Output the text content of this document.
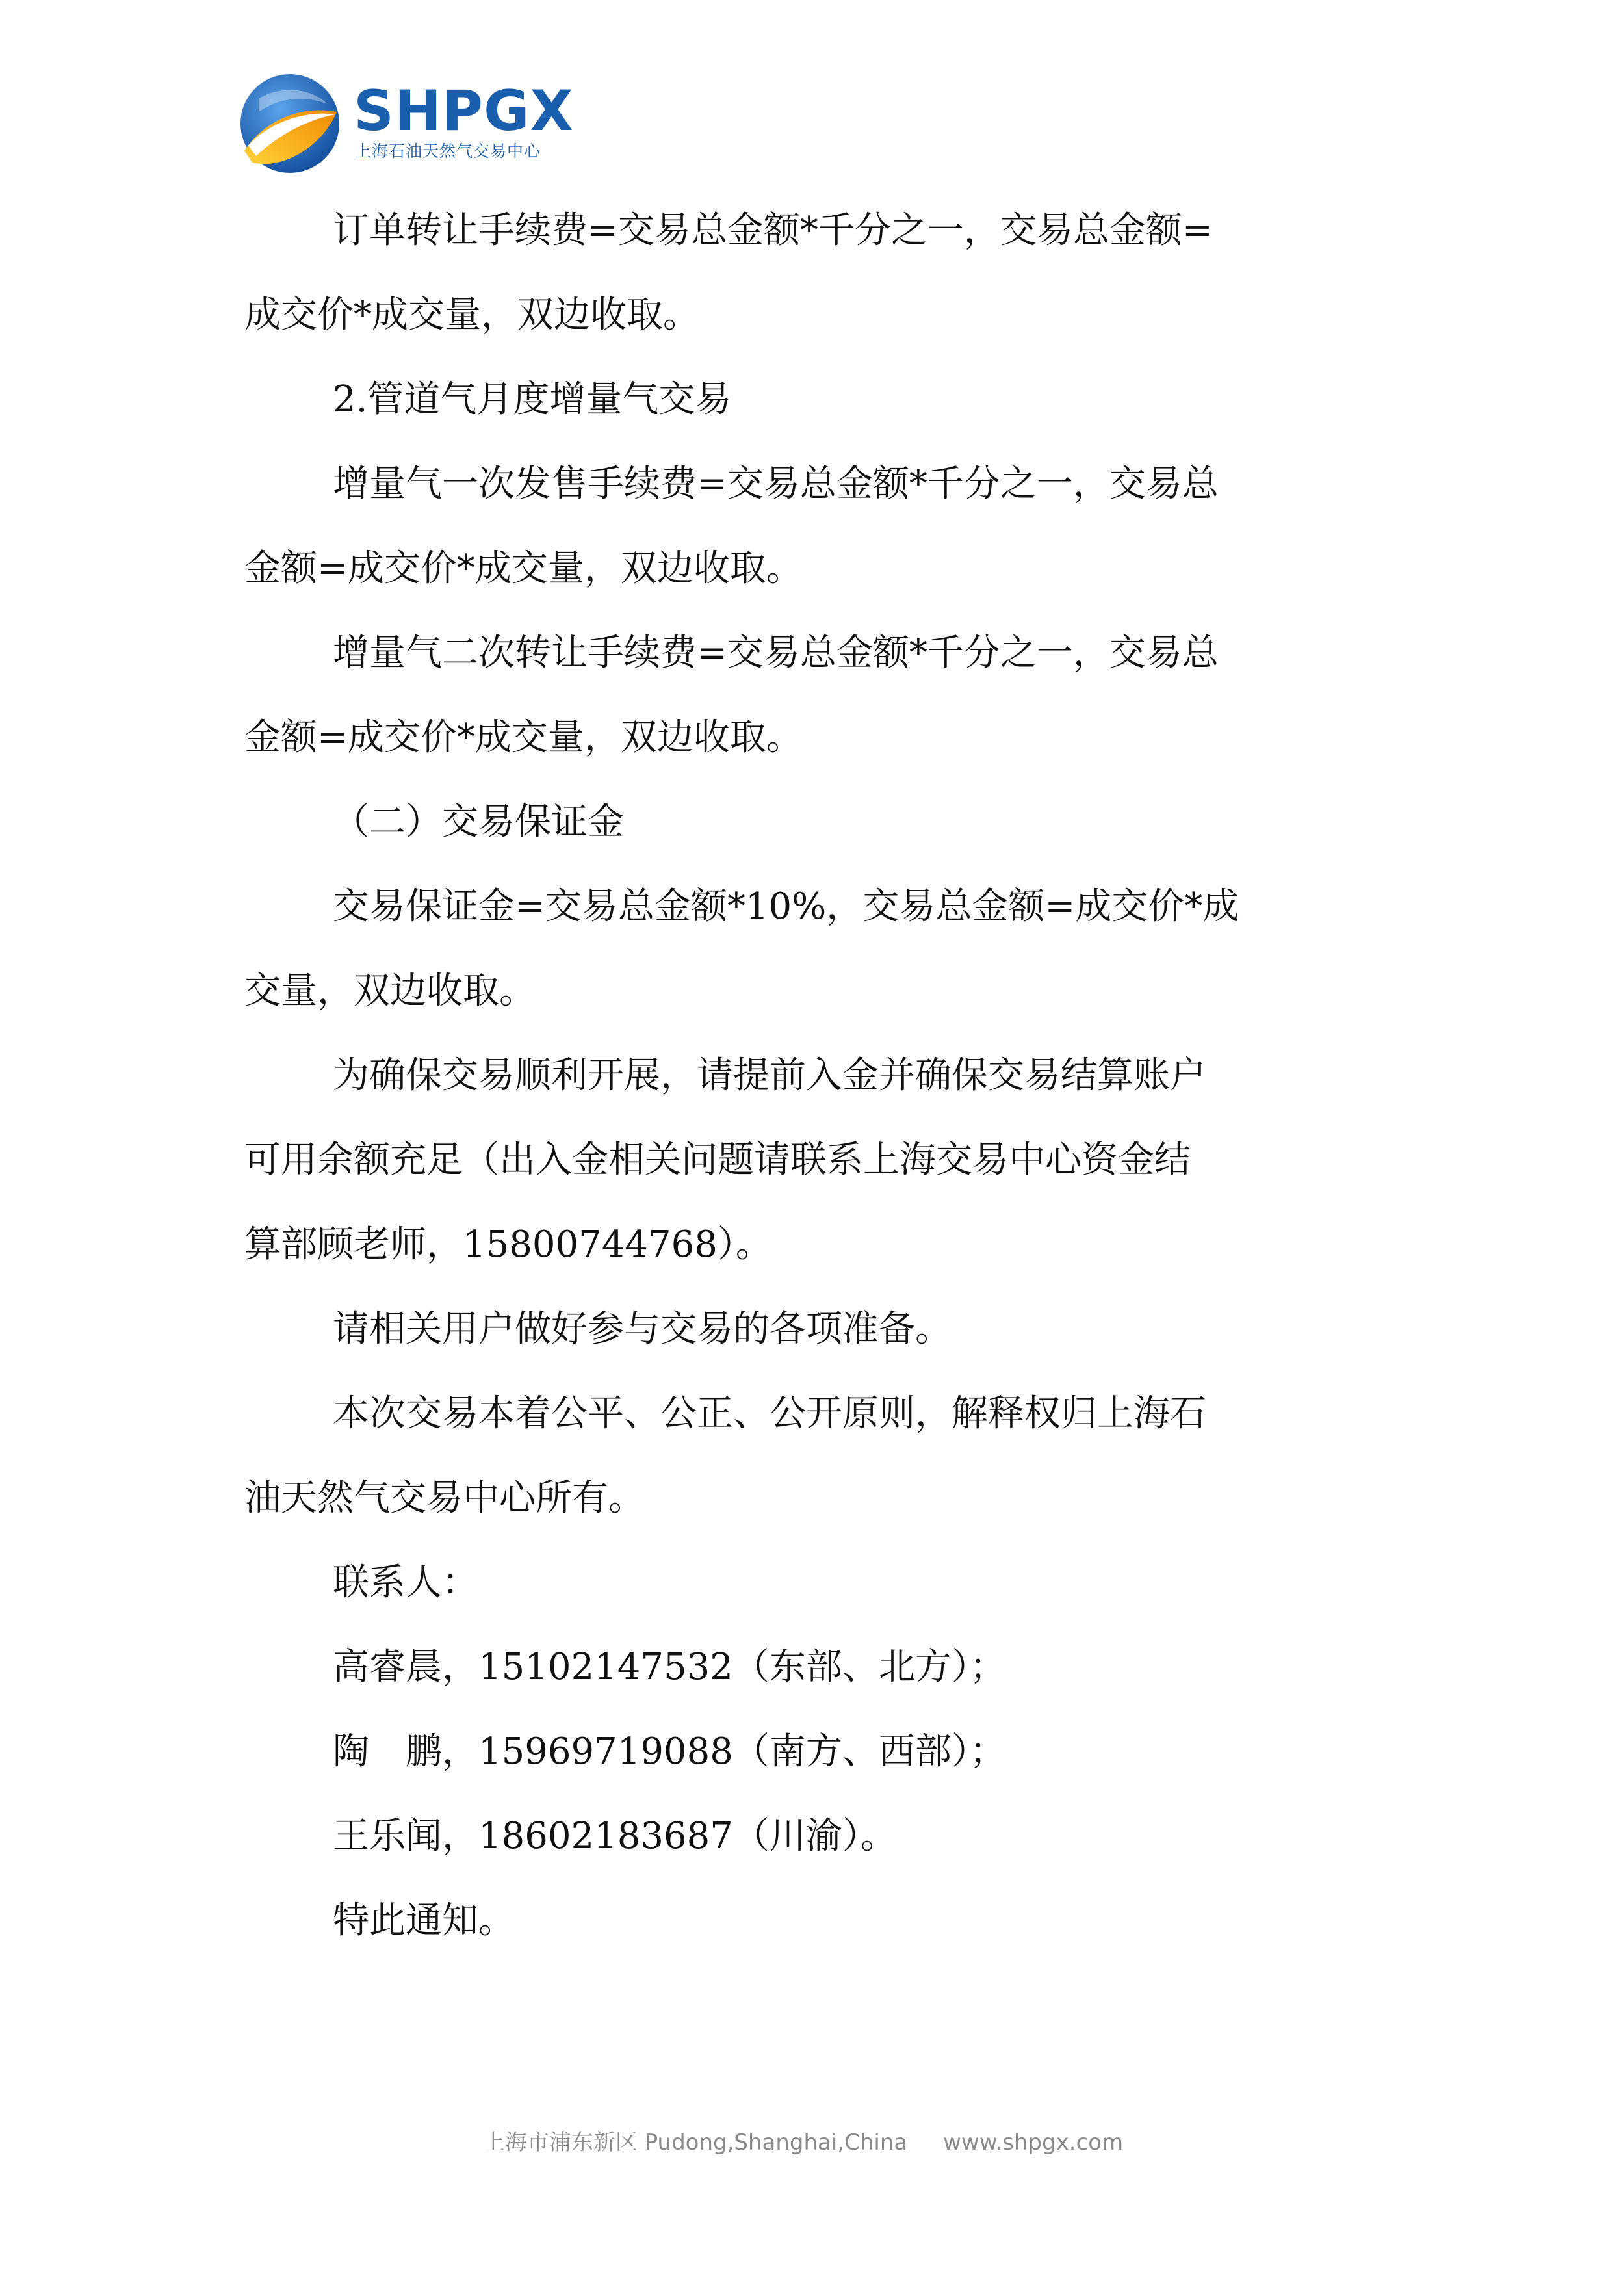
SHPGX
上海石油天然气交易中心

订单转让手续费=交易总金额*千分之一，交易总金额=

成交价*成交量，双边收取。

2.管道气月度增量气交易

增量气一次发售手续费=交易总金额*千分之一，交易总

金额=成交价*成交量，双边收取。

增量气二次转让手续费=交易总金额*千分之一，交易总

金额=成交价*成交量，双边收取。

（二）交易保证金

交易保证金=交易总金额*10%，交易总金额=成交价*成

交量，双边收取。

为确保交易顺利开展，请提前入金并确保交易结算账户

可用余额充足（出入金相关问题请联系上海交易中心资金结

算部顾老师，15800744768）。

请相关用户做好参与交易的各项准备。

本次交易本着公平、公正、公开原则，解释权归上海石

油天然气交易中心所有。

联系人：

高睿晨，15102147532（东部、北方）；

陶　鹏，15969719088（南方、西部）；

王乐闻，18602183687（川渝）。

特此通知。

上海市浦东新区 Pudong,Shanghai,China www.shpgx.com
